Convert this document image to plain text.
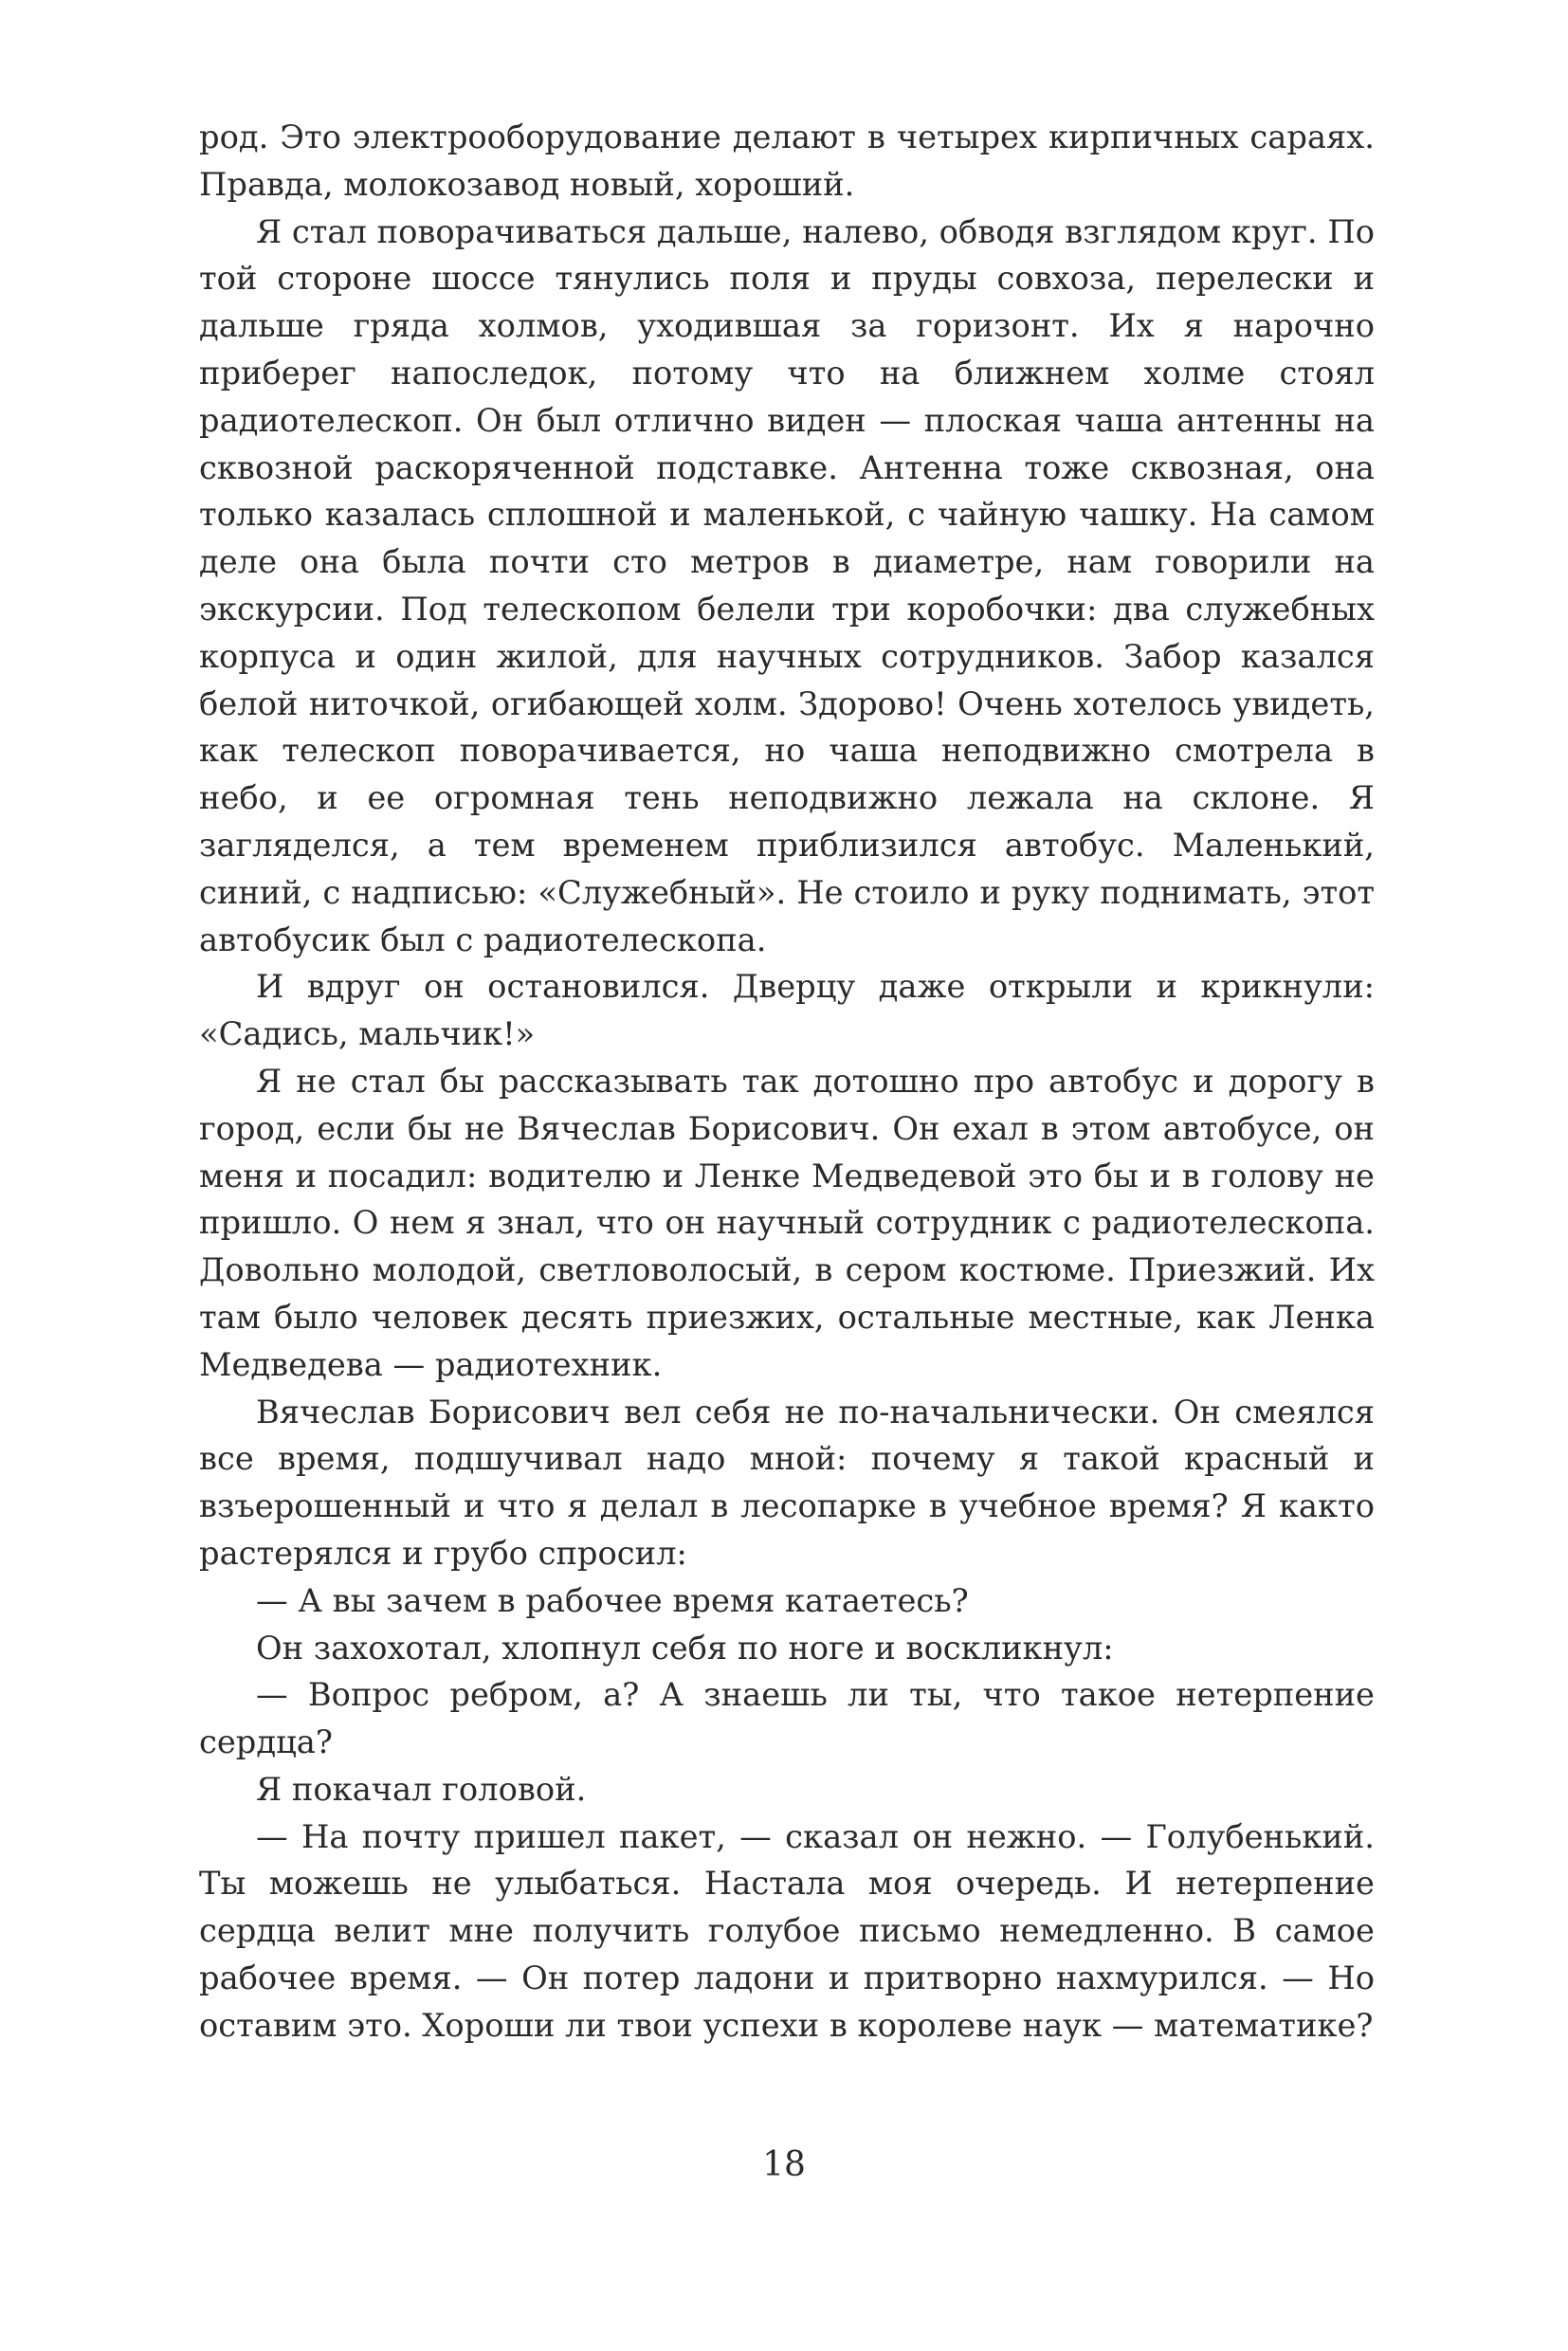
род. Это электрооборудование делают в четырех кирпичных сараях. Правда, молокозавод новый, хороший.

Я стал поворачиваться дальше, налево, обводя взглядом круг. По той стороне шоссе тянулись поля и пруды совхоза, перелески и дальше гряда холмов, уходившая за горизонт. Их я нарочно приберег напоследок, потому что на ближнем холме стоял радиотелескоп. Он был отлично виден — плоская чаша антенны на сквозной раскоряченной подставке. Антенна тоже сквозная, она только казалась сплошной и маленькой, с чайную чашку. На самом деле она была почти сто метров в диаметре, нам говорили на экскурсии. Под телескопом белели три коробочки: два служебных корпуса и один жилой, для научных сотрудников. Забор казался белой ниточкой, огибающей холм. Здорово! Очень хотелось увидеть, как телескоп поворачивается, но чаша неподвижно смотрела в небо, и ее огромная тень неподвижно лежала на склоне. Я загляделся, а тем временем приблизился автобус. Маленький, синий, с надписью: «Служебный». Не стоило и руку поднимать, этот автобусик был с радиотелескопа.

И вдруг он остановился. Дверцу даже открыли и крикнули: «Садись, мальчик!»

Я не стал бы рассказывать так дотошно про автобус и дорогу в город, если бы не Вячеслав Борисович. Он ехал в этом автобусе, он меня и посадил: водителю и Ленке Медведевой это бы и в голову не пришло. О нем я знал, что он научный сотрудник с радиотелескопа. Довольно молодой, светловолосый, в сером костюме. Приезжий. Их там было человек десять приезжих, остальные местные, как Ленка Медведева — радиотехник.

Вячеслав Борисович вел себя не по-начальнически. Он смеялся все время, подшучивал надо мной: почему я такой красный и взъерошенный и что я делал в лесопарке в учебное время? Я както растерялся и грубо спросил:

— А вы зачем в рабочее время катаетесь?

Он захохотал, хлопнул себя по ноге и воскликнул:

— Вопрос ребром, а? А знаешь ли ты, что такое нетерпение сердца?

Я покачал головой.

— На почту пришел пакет, — сказал он нежно. — Голубенький. Ты можешь не улыбаться. Настала моя очередь. И нетерпение сердца велит мне получить голубое письмо немедленно. В самое рабочее время. — Он потер ладони и притворно нахмурился. — Но оставим это. Хороши ли твои успехи в королеве наук — математике?

18
